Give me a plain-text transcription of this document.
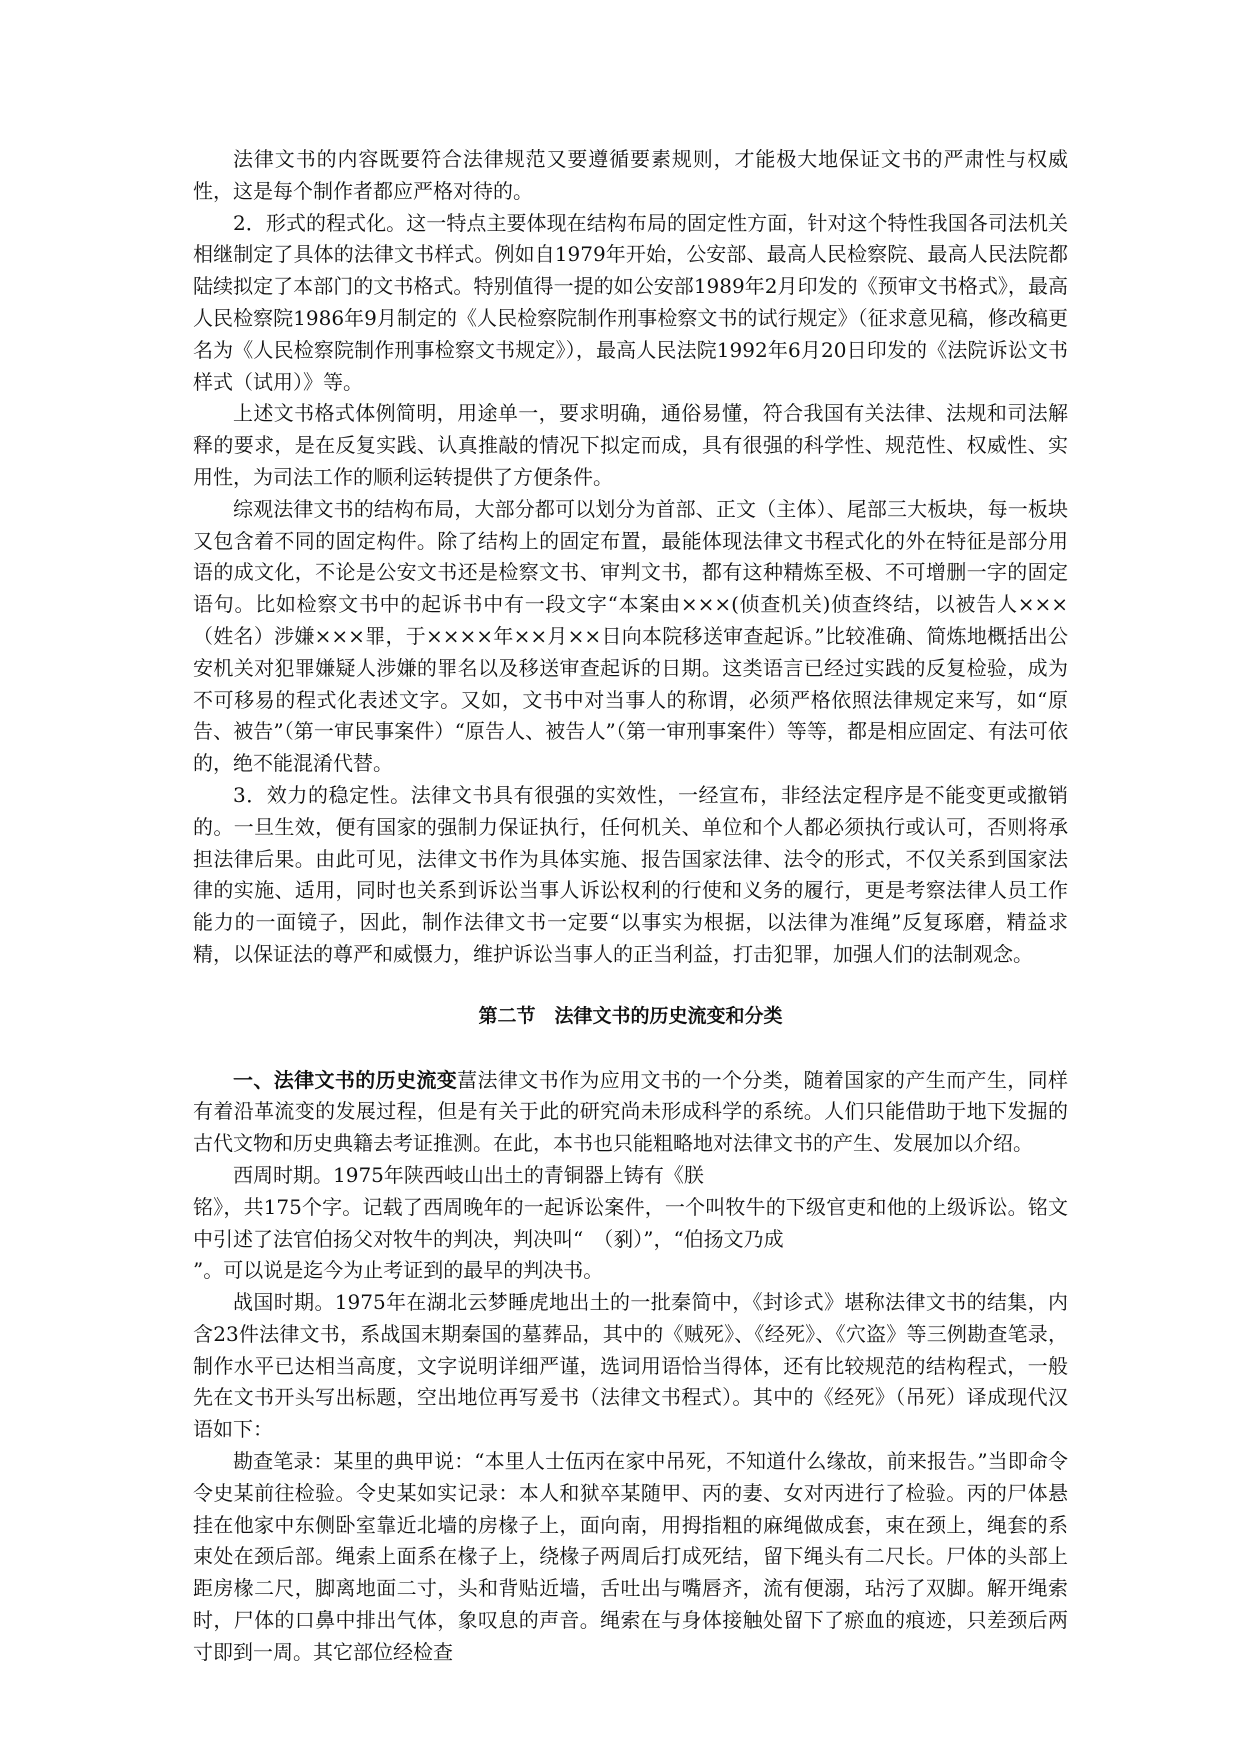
法律文书的内容既要符合法律规范又要遵循要素规则，才能极大地保证文书的严肃性与权威性，这是每个制作者都应严格对待的。

2．形式的程式化。这一特点主要体现在结构布局的固定性方面，针对这个特性我国各司法机关相继制定了具体的法律文书样式。例如自1979年开始，公安部、最高人民检察院、最高人民法院都陆续拟定了本部门的文书格式。特别值得一提的如公安部1989年2月印发的《预审文书格式》，最高人民检察院1986年9月制定的《人民检察院制作刑事检察文书的试行规定》（征求意见稿，修改稿更名为《人民检察院制作刑事检察文书规定》），最高人民法院1992年6月20日印发的《法院诉讼文书样式（试用）》等。

上述文书格式体例简明，用途单一，要求明确，通俗易懂，符合我国有关法律、法规和司法解释的要求，是在反复实践、认真推敲的情况下拟定而成，具有很强的科学性、规范性、权威性、实用性，为司法工作的顺利运转提供了方便条件。

综观法律文书的结构布局，大部分都可以划分为首部、正文（主体）、尾部三大板块，每一板块又包含着不同的固定构件。除了结构上的固定布置，最能体现法律文书程式化的外在特征是部分用语的成文化，不论是公安文书还是检察文书、审判文书，都有这种精炼至极、不可增删一字的固定语句。比如检察文书中的起诉书中有一段文字“本案由×××(侦查机关)侦查终结，以被告人×××（姓名）涉嫌×××罪，于××××年××月××日向本院移送审查起诉。”比较准确、简炼地概括出公安机关对犯罪嫌疑人涉嫌的罪名以及移送审查起诉的日期。这类语言已经过实践的反复检验，成为不可移易的程式化表述文字。又如，文书中对当事人的称谓，必须严格依照法律规定来写，如“原告、被告”（第一审民事案件）“原告人、被告人”（第一审刑事案件）等等，都是相应固定、有法可依的，绝不能混淆代替。

3．效力的稳定性。法律文书具有很强的实效性，一经宣布，非经法定程序是不能变更或撤销的。一旦生效，便有国家的强制力保证执行，任何机关、单位和个人都必须执行或认可，否则将承担法律后果。由此可见，法律文书作为具体实施、报告国家法律、法令的形式，不仅关系到国家法律的实施、适用，同时也关系到诉讼当事人诉讼权利的行使和义务的履行，更是考察法律人员工作能力的一面镜子，因此，制作法律文书一定要“以事实为根据，以法律为准绳”反复琢磨，精益求精，以保证法的尊严和威慑力，维护诉讼当事人的正当利益，打击犯罪，加强人们的法制观念。

第二节　法律文书的历史流变和分类

一、法律文书的历史流变葍法律文书作为应用文书的一个分类，随着国家的产生而产生，同样有着沿革流变的发展过程，但是有关于此的研究尚未形成科学的系统。人们只能借助于地下发掘的古代文物和历史典籍去考证推测。在此，本书也只能粗略地对法律文书的产生、发展加以介绍。

西周时期。1975年陕西岐山出土的青铜器上铸有《朕

铭》，共175个字。记载了西周晚年的一起诉讼案件，一个叫牧牛的下级官吏和他的上级诉讼。铭文中引述了法官伯扬父对牧牛的判决，判决叫“　（剢）”，“伯扬文乃成

”。可以说是迄今为止考证到的最早的判决书。

战国时期。1975年在湖北云梦睡虎地出土的一批秦简中，《封诊式》堪称法律文书的结集，内含23件法律文书，系战国末期秦国的墓葬品，其中的《贼死》、《经死》、《穴盗》等三例勘查笔录，制作水平已达相当高度，文字说明详细严谨，选词用语恰当得体，还有比较规范的结构程式，一般先在文书开头写出标题，空出地位再写爰书（法律文书程式）。其中的《经死》（吊死）译成现代汉语如下：

勘查笔录：某里的典甲说：“本里人士伍丙在家中吊死，不知道什么缘故，前来报告。”当即命令令史某前往检验。令史某如实记录：本人和狱卒某随甲、丙的妻、女对丙进行了检验。丙的尸体悬挂在他家中东侧卧室靠近北墙的房椽子上，面向南，用拇指粗的麻绳做成套，束在颈上，绳套的系束处在颈后部。绳索上面系在椽子上，绕椽子两周后打成死结，留下绳头有二尺长。尸体的头部上距房椽二尺，脚离地面二寸，头和背贴近墙，舌吐出与嘴唇齐，流有便溺，玷污了双脚。解开绳索时，尸体的口鼻中排出气体，象叹息的声音。绳索在与身体接触处留下了瘀血的痕迹，只差颈后两寸即到一周。其它部位经检查
